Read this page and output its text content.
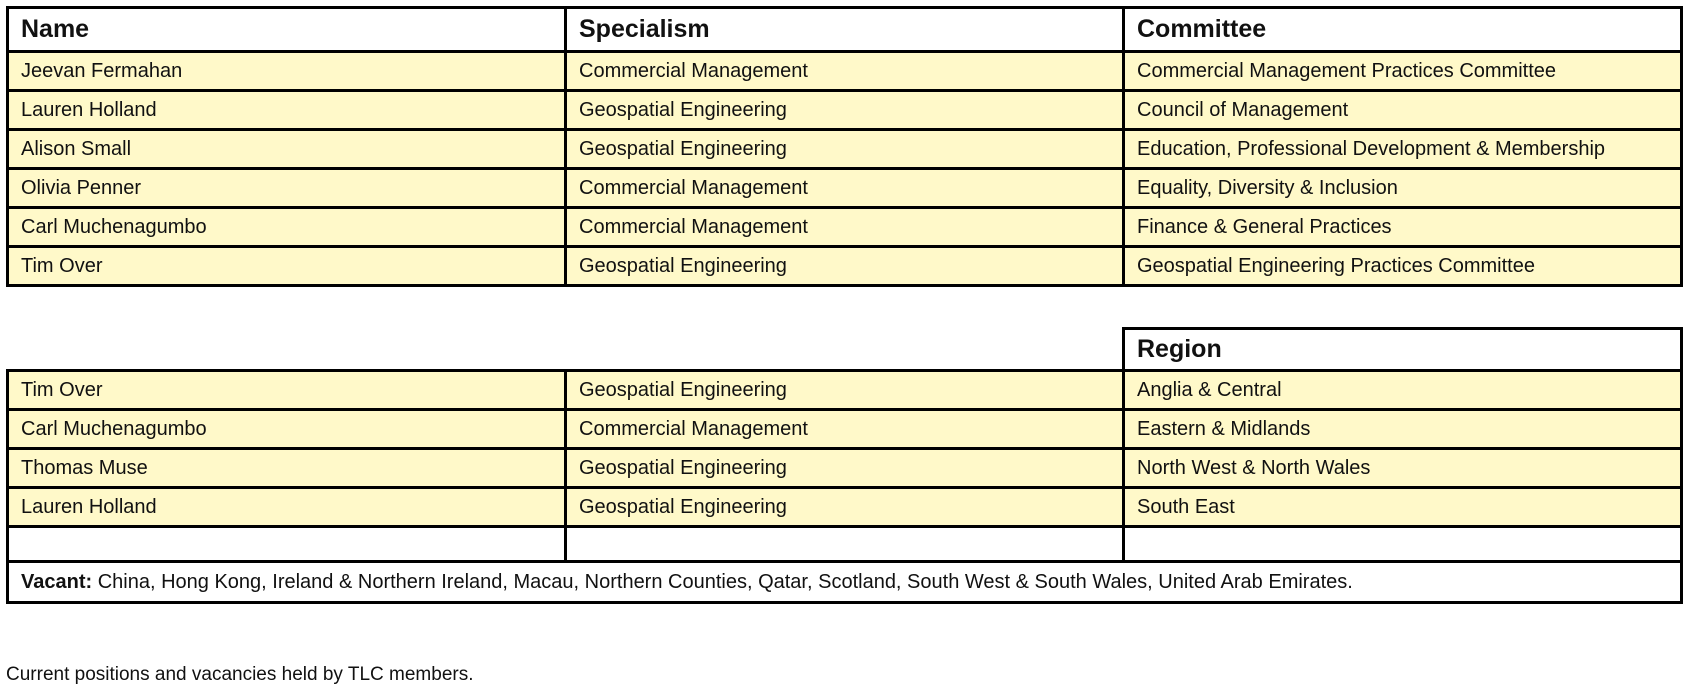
Name	Specialism	Committee
Jeevan Fermahan	Commercial Management	Commercial Management Practices Committee
Lauren Holland	Geospatial Engineering	Council of Management
Alison Small	Geospatial Engineering	Education, Professional Development & Membership
Olivia Penner	Commercial Management	Equality, Diversity & Inclusion
Carl Muchenagumbo	Commercial Management	Finance & General Practices
Tim Over	Geospatial Engineering	Geospatial Engineering Practices Committee
		Region
Tim Over	Geospatial Engineering	Anglia & Central
Carl Muchenagumbo	Commercial Management	Eastern & Midlands
Thomas Muse	Geospatial Engineering	North West & North Wales
Lauren Holland	Geospatial Engineering	South East

Vacant: China, Hong Kong, Ireland & Northern Ireland, Macau, Northern Counties, Qatar, Scotland, South West & South Wales, United Arab Emirates.		
Current positions and vacancies held by TLC members.
